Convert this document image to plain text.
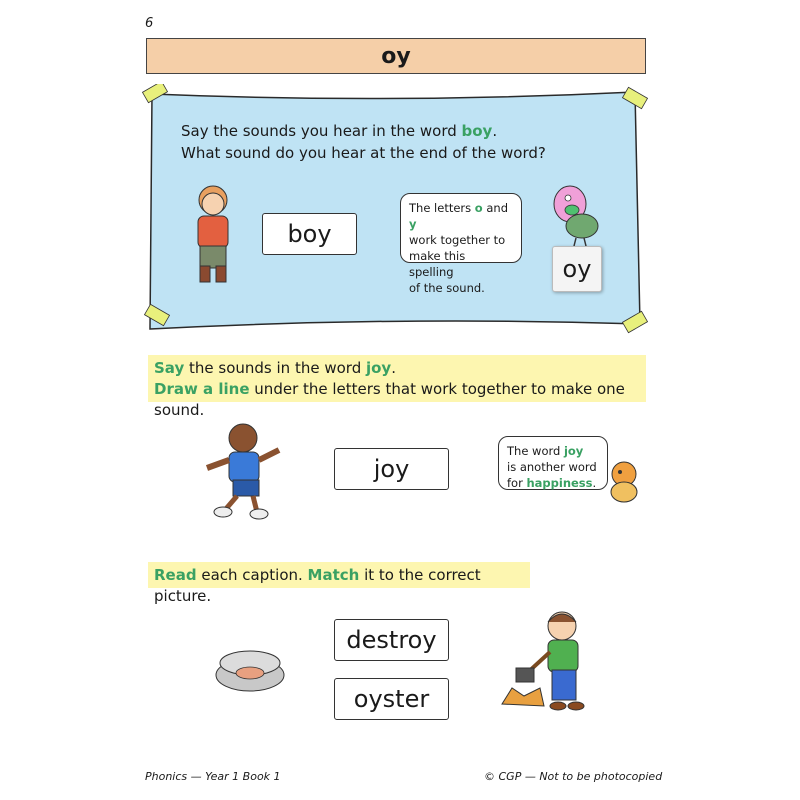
6
oy
Say the sounds you hear in the word boy.
What sound do you hear at the end of the word?
boy
The letters o and y
work together to
make this spelling
of the sound.
oy
Say the sounds in the word joy.
Draw a line under the letters that work together to make one sound.
joy
The word joy
is another word
for happiness.
Read each caption. Match it to the correct picture.
destroy
oyster
Phonics — Year 1 Book 1	© CGP — Not to be photocopied
